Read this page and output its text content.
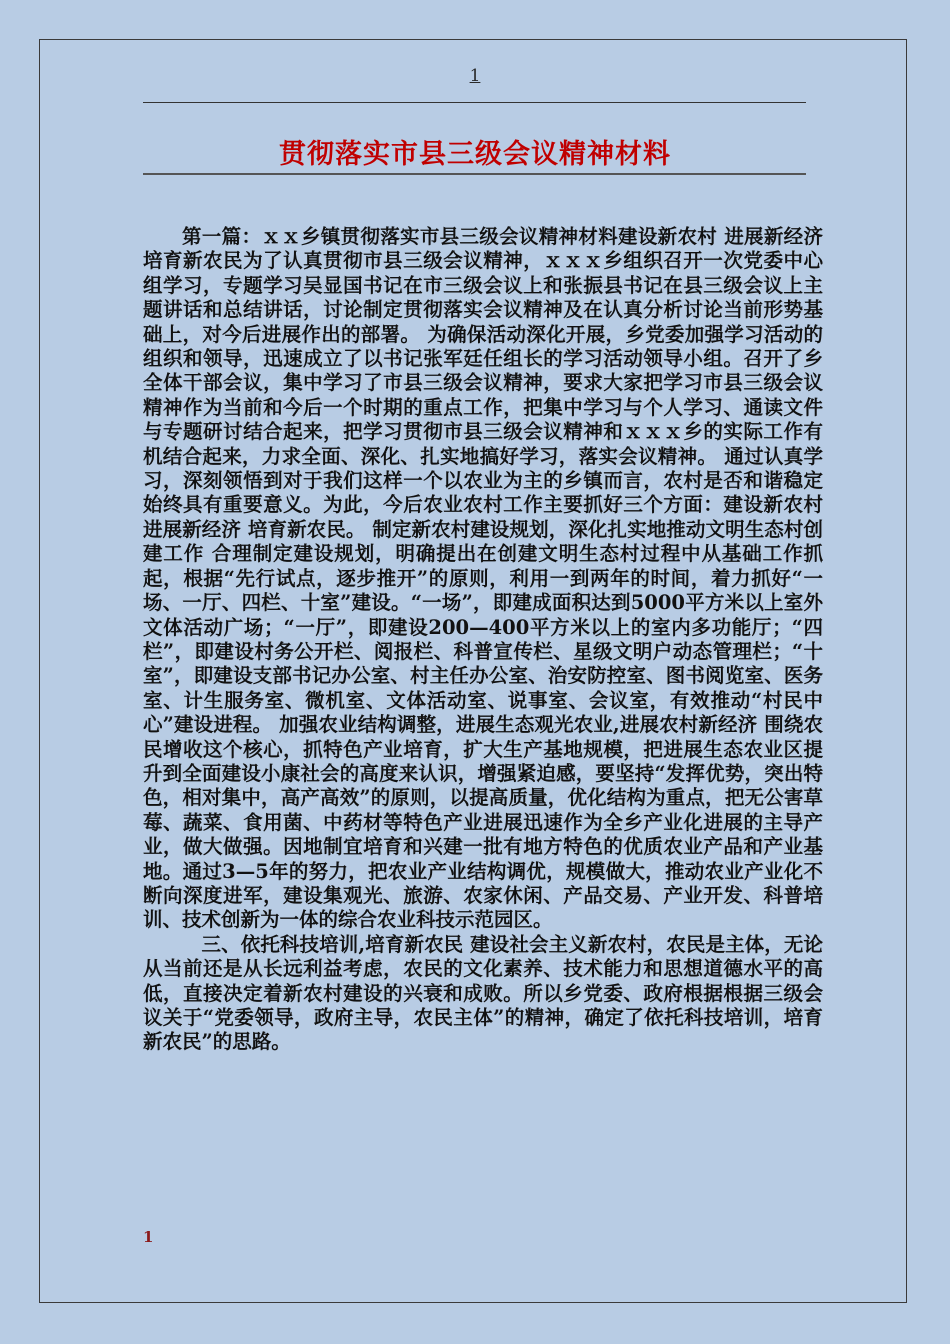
1
贯彻落实市县三级会议精神材料

第一篇：ｘｘ乡镇贯彻落实市县三级会议精神材料建设新农村 进展新经济 培育新农民为了认真贯彻市县三级会议精神，ｘｘｘ乡组织召开一次党委中心组学习，专题学习吴显国书记在市三级会议上和张振县书记在县三级会议上主题讲话和总结讲话，讨论制定贯彻落实会议精神及在认真分析讨论当前形势基础上，对今后进展作出的部署。 为确保活动深化开展，乡党委加强学习活动的组织和领导，迅速成立了以书记张军廷任组长的学习活动领导小组。召开了乡全体干部会议，集中学习了市县三级会议精神，要求大家把学习市县三级会议精神作为当前和今后一个时期的重点工作，把集中学习与个人学习、通读文件与专题研讨结合起来，把学习贯彻市县三级会议精神和ｘｘｘ乡的实际工作有机结合起来，力求全面、深化、扎实地搞好学习，落实会议精神。 通过认真学习，深刻领悟到对于我们这样一个以农业为主的乡镇而言，农村是否和谐稳定始终具有重要意义。为此，今后农业农村工作主要抓好三个方面：建设新农村 进展新经济 培育新农民。 制定新农村建设规划，深化扎实地推动文明生态村创建工作 合理制定建设规划，明确提出在创建文明生态村过程中从基础工作抓起，根据“先行试点，逐步推开”的原则，利用一到两年的时间，着力抓好“一场、一厅、四栏、十室”建设。“一场”，即建成面积达到5000平方米以上室外文体活动广场；“一厅”，即建设200—400平方米以上的室内多功能厅；“四栏”，即建设村务公开栏、阅报栏、科普宣传栏、星级文明户动态管理栏；“十室”，即建设支部书记办公室、村主任办公室、治安防控室、图书阅览室、医务室、计生服务室、微机室、文体活动室、说事室、会议室，有效推动“村民中心”建设进程。 加强农业结构调整，进展生态观光农业,进展农村新经济 围绕农民增收这个核心，抓特色产业培育，扩大生产基地规模，把进展生态农业区提升到全面建设小康社会的高度来认识，增强紧迫感，要坚持“发挥优势，突出特色，相对集中，高产高效”的原则，以提高质量，优化结构为重点，把无公害草莓、蔬菜、食用菌、中药材等特色产业进展迅速作为全乡产业化进展的主导产业，做大做强。因地制宜培育和兴建一批有地方特色的优质农业产品和产业基地。通过3—5年的努力，把农业产业结构调优，规模做大，推动农业产业化不断向深度进军，建设集观光、旅游、农家休闲、产品交易、产业开发、科普培训、技术创新为一体的综合农业科技示范园区。

三、依托科技培训,培育新农民 建设社会主义新农村，农民是主体，无论从当前还是从长远利益考虑，农民的文化素养、技术能力和思想道德水平的高低，直接决定着新农村建设的兴衰和成败。所以乡党委、政府根据根据三级会议关于“党委领导，政府主导，农民主体”的精神，确定了依托科技培训，培育新农民”的思路。

1
